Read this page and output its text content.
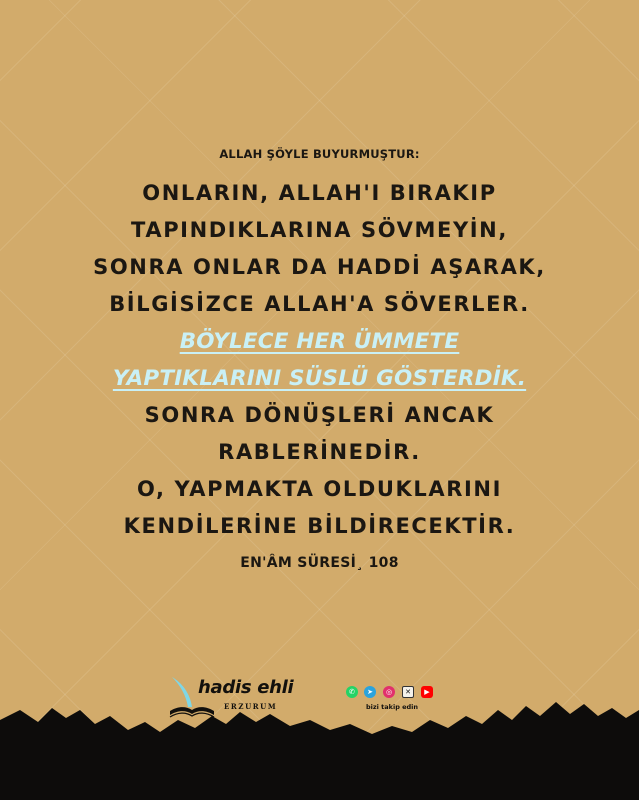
ALLAH ŞÖYLE BUYURMUŞTUR:
ONLARIN, ALLAH'I BIRAKIP
TAPINDIKLARINA SÖVMEYİN,
SONRA ONLAR DA HADDİ AŞARAK,
BİLGİSİZCE ALLAH'A SÖVERLER.
BÖYLECE HER ÜMMETE
YAPTIKLARINI SÜSLÜ GÖSTERDİK.
SONRA DÖNÜŞLERİ ANCAK
RABLERİNEDİR.
O, YAPMAKTA OLDUKLARINI
KENDİLERİNE BİLDİRECEKTİR.
EN'ÂM SÜRESİ¸ 108
hadis ehli
ERZURUM
✆	➤	◎	✕	▶
bizi takip edin
